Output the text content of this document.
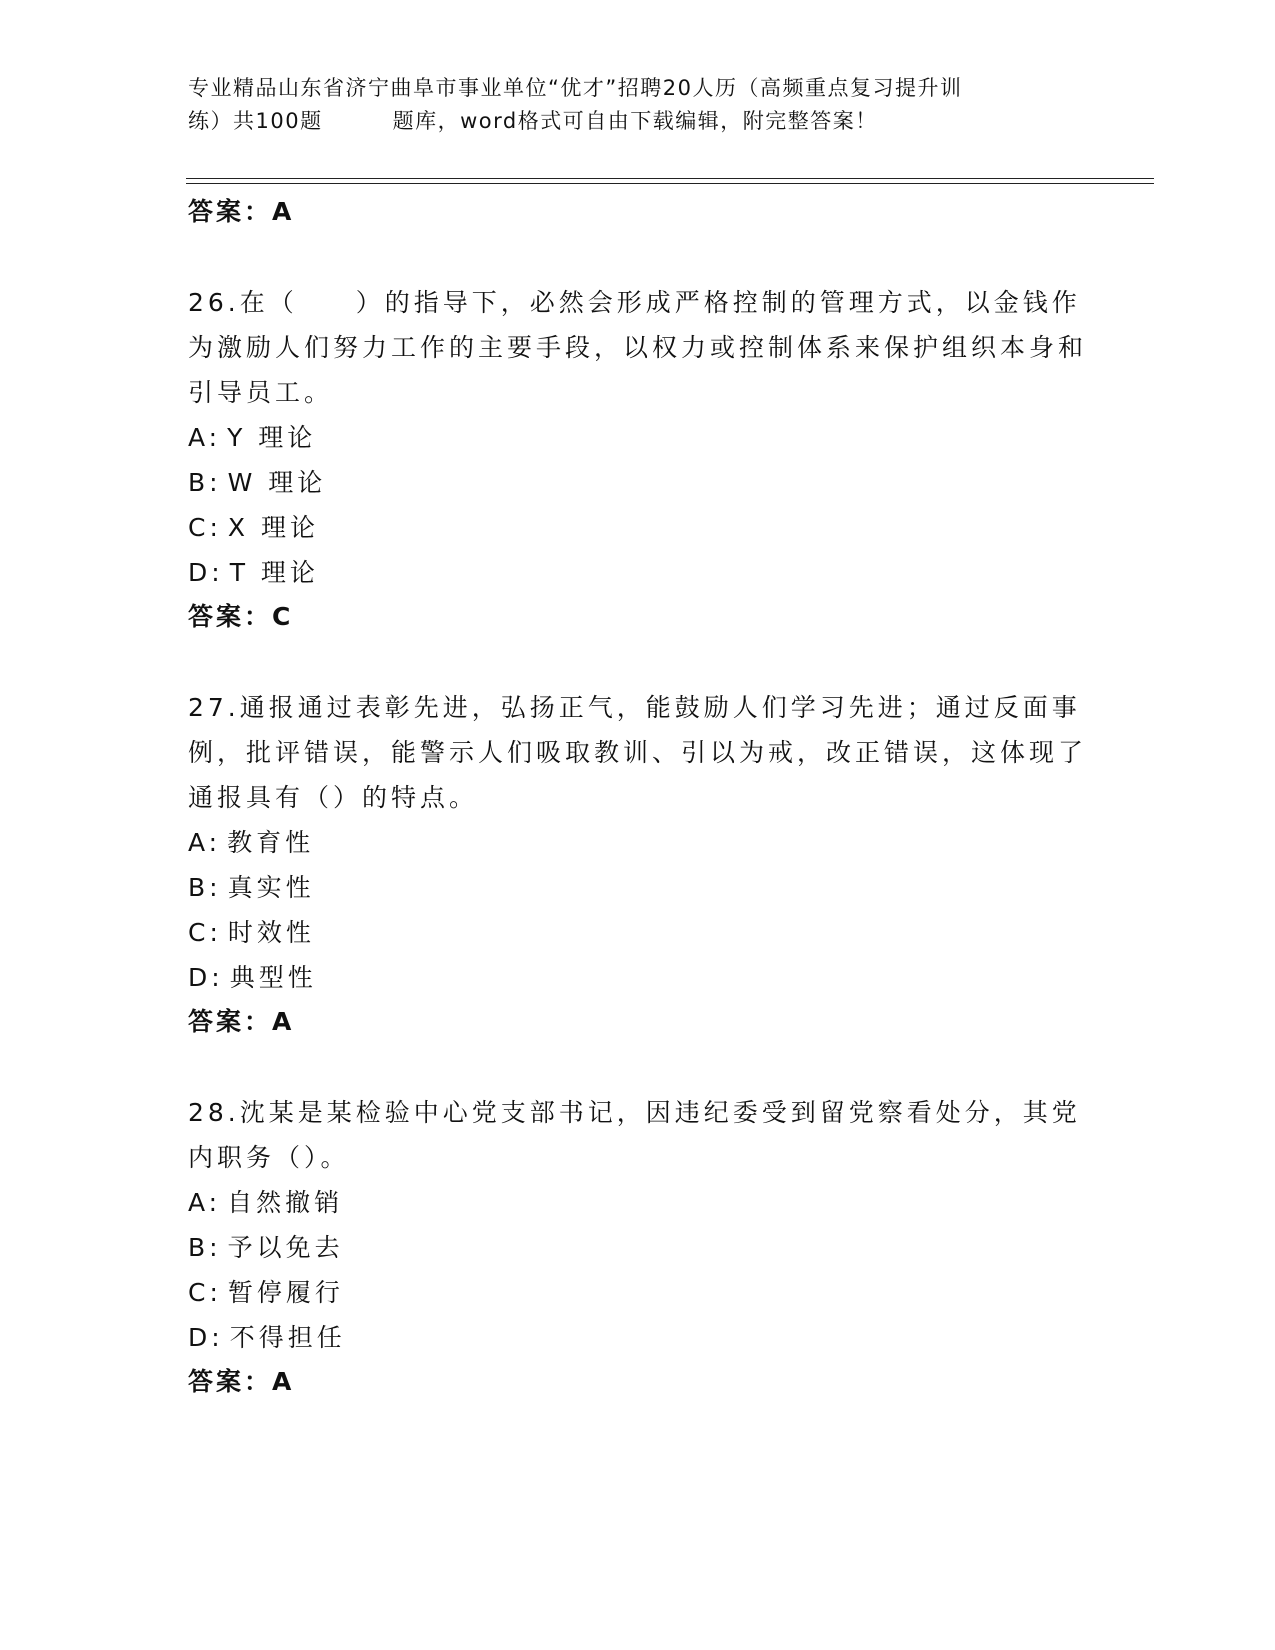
专业精品山东省济宁曲阜市事业单位“优才”招聘20人历（高频重点复习提升训
练）共100题	题库，word格式可自由下载编辑，附完整答案！
答案：A

26.在（　　）的指导下，必然会形成严格控制的管理方式，以金钱作为激励人们努力工作的主要手段，以权力或控制体系来保护组织本身和引导员工。

A: Y 理论
B: W 理论
C: X 理论
D: T 理论
答案：C

27.通报通过表彰先进，弘扬正气，能鼓励人们学习先进；通过反面事例，批评错误，能警示人们吸取教训、引以为戒，改正错误，这体现了通报具有（）的特点。

A: 教育性
B: 真实性
C: 时效性
D: 典型性
答案：A

28.沈某是某检验中心党支部书记，因违纪委受到留党察看处分，其党内职务（）。

A: 自然撤销
B: 予以免去
C: 暂停履行
D: 不得担任
答案：A
